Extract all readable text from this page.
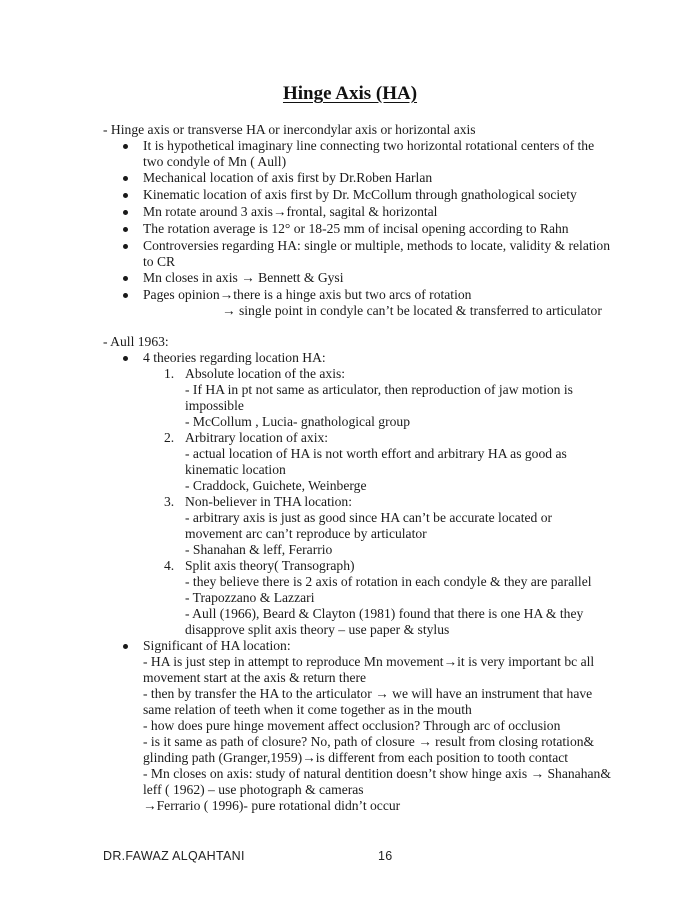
Hinge Axis (HA)
- Hinge axis or transverse HA or inercondylar axis or horizontal axis
It is hypothetical imaginary line connecting two horizontal rotational centers of the
two condyle of Mn ( Aull)
Mechanical location of axis first by Dr.Roben Harlan
Kinematic location of axis first by Dr. McCollum through gnathological society
Mn rotate around 3 axis→frontal, sagital & horizontal
The rotation average is 12° or 18-25 mm of incisal opening according to Rahn
Controversies regarding HA: single or multiple, methods to locate, validity & relation
to CR
Mn closes in axis → Bennett & Gysi
Pages opinion→there is a hinge axis but two arcs of rotation
→ single point in condyle can’t be located & transferred to articulator
- Aull 1963:
4 theories regarding location HA:
1. Absolute location of the axis:
- If HA in pt not same as articulator, then reproduction of jaw motion is
impossible
- McCollum , Lucia- gnathological group
2. Arbitrary location of axix:
- actual location of HA is not worth effort and arbitrary HA as good as
kinematic location
- Craddock, Guichete, Weinberge
3. Non-believer in THA location:
- arbitrary axis is just as good since HA can’t be accurate located or
movement arc can’t reproduce by articulator
- Shanahan & leff, Ferarrio
4. Split axis theory( Transograph)
- they believe there is 2 axis of rotation in each condyle & they are parallel
- Trapozzano & Lazzari
- Aull (1966), Beard & Clayton (1981) found that there is one HA & they
disapprove split axis theory – use paper & stylus
Significant of HA location:
- HA is just step in attempt to reproduce Mn movement→it is very important bc all
movement start at the axis & return there
- then by transfer the HA to the articulator → we will have an instrument that have
same relation of teeth when it come together as in the mouth
- how does pure hinge movement affect occlusion? Through arc of occlusion
- is it same as path of closure? No, path of closure → result from closing rotation&
glinding path (Granger,1959)→is different from each position to tooth contact
- Mn closes on axis: study of natural dentition doesn’t show hinge axis → Shanahan&
leff ( 1962) – use photograph & cameras
→Ferrario ( 1996)- pure rotational didn’t occur
DR.FAWAZ ALQAHTANI	16
